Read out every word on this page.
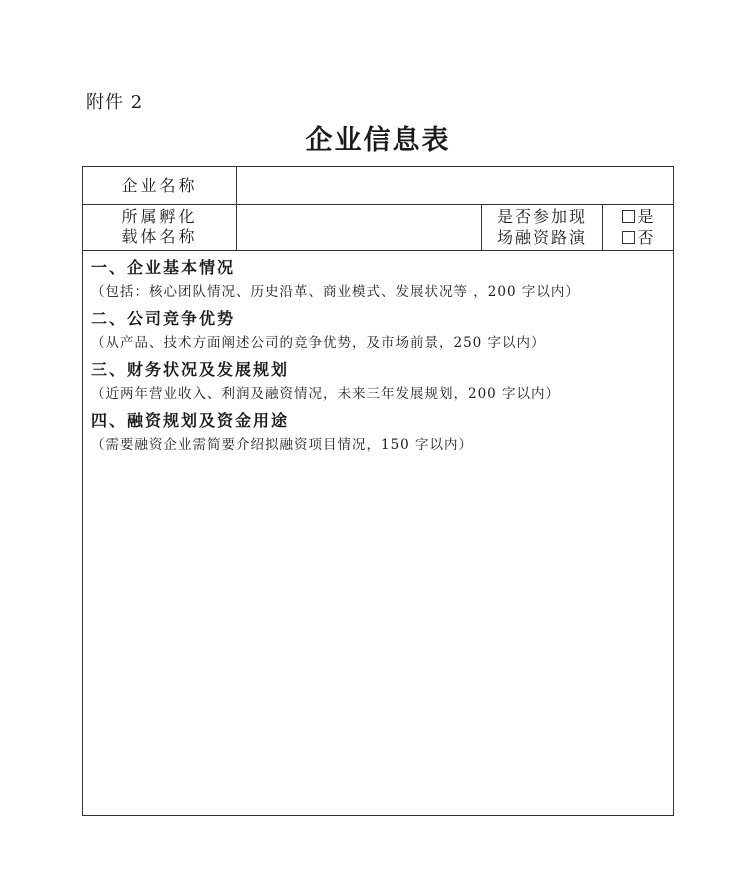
附件 2
企业信息表
企业名称
所属孵化
载体名称
是否参加现
场融资路演
是
否
一、企业基本情况
（包括：核心团队情况、历史沿革、商业模式、发展状况等 ，200 字以内）
二、公司竞争优势
（从产品、技术方面阐述公司的竞争优势，及市场前景，250 字以内）
三、财务状况及发展规划
（近两年营业收入、利润及融资情况，未来三年发展规划，200 字以内）
四、融资规划及资金用途
（需要融资企业需简要介绍拟融资项目情况，150 字以内）
